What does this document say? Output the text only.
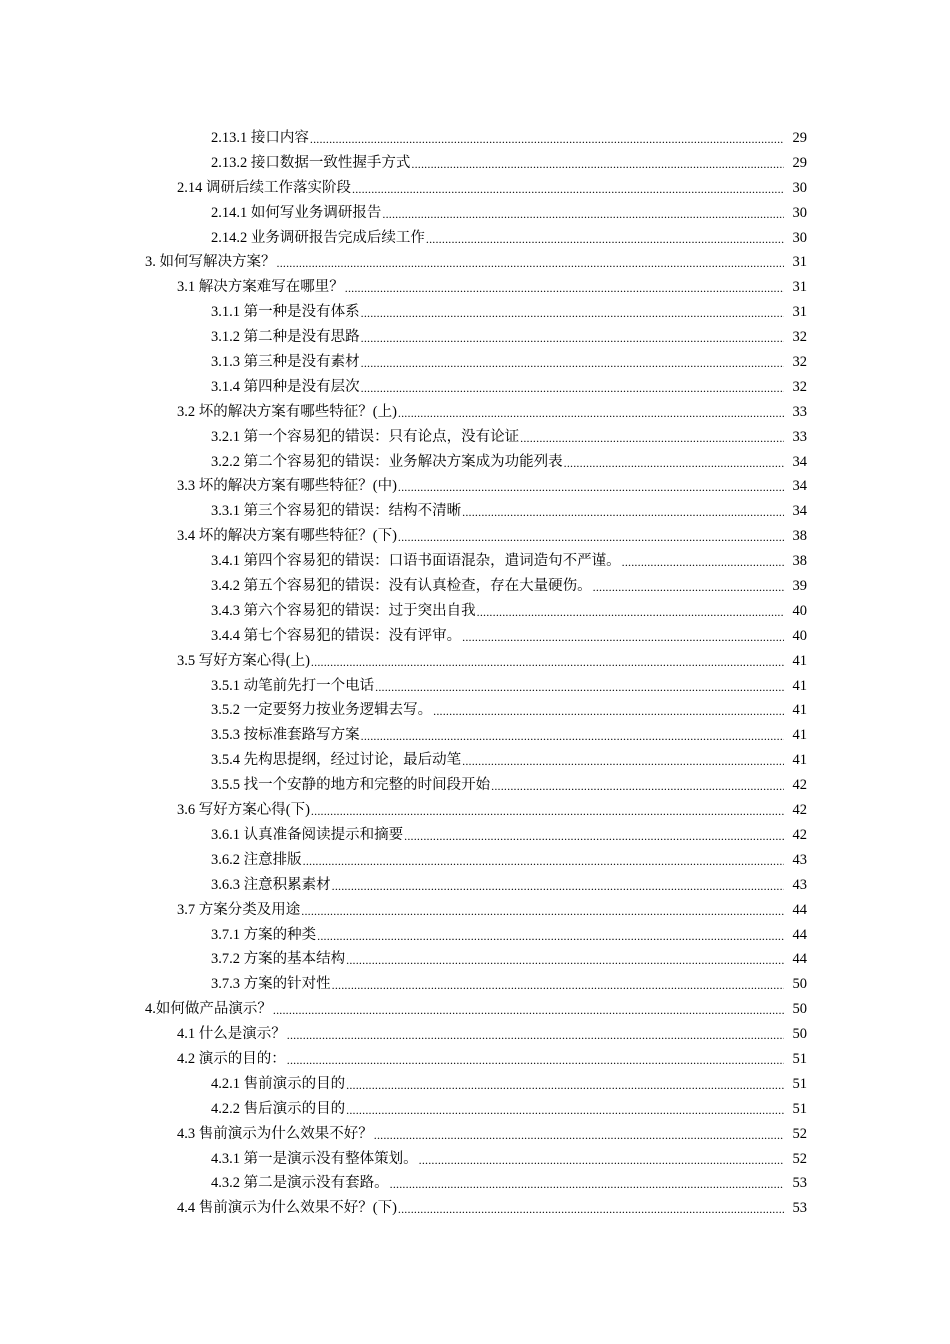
2.13.1 接口内容 .....	29
2.13.2 接口数据一致性握手方式 .....	29
2.14 调研后续工作落实阶段 .....	30
2.14.1 如何写业务调研报告 .....	30
2.14.2 业务调研报告完成后续工作 .....	30
3. 如何写解决方案？ .....	31
3.1 解决方案难写在哪里？ .....	31
3.1.1 第一种是没有体系 .....	31
3.1.2 第二种是没有思路 .....	32
3.1.3 第三种是没有素材 .....	32
3.1.4 第四种是没有层次 .....	32
3.2 坏的解决方案有哪些特征？(上) .....	33
3.2.1 第一个容易犯的错误：只有论点，没有论证 .....	33
3.2.2 第二个容易犯的错误：业务解决方案成为功能列表 .....	34
3.3 坏的解决方案有哪些特征？(中) .....	34
3.3.1 第三个容易犯的错误：结构不清晰 .....	34
3.4 坏的解决方案有哪些特征？(下) .....	38
3.4.1 第四个容易犯的错误：口语书面语混杂，遣词造句不严谨。 .....	38
3.4.2 第五个容易犯的错误：没有认真检查，存在大量硬伤。 .....	39
3.4.3 第六个容易犯的错误：过于突出自我 .....	40
3.4.4 第七个容易犯的错误：没有评审。 .....	40
3.5 写好方案心得(上) .....	41
3.5.1 动笔前先打一个电话 .....	41
3.5.2 一定要努力按业务逻辑去写。 .....	41
3.5.3 按标准套路写方案 .....	41
3.5.4 先构思提纲，经过讨论，最后动笔 .....	41
3.5.5 找一个安静的地方和完整的时间段开始 .....	42
3.6 写好方案心得(下) .....	42
3.6.1 认真准备阅读提示和摘要 .....	42
3.6.2 注意排版 .....	43
3.6.3 注意积累素材 .....	43
3.7 方案分类及用途 .....	44
3.7.1 方案的种类 .....	44
3.7.2 方案的基本结构 .....	44
3.7.3 方案的针对性 .....	50
4.如何做产品演示？ .....	50
4.1 什么是演示？ .....	50
4.2 演示的目的： .....	51
4.2.1 售前演示的目的 .....	51
4.2.2 售后演示的目的 .....	51
4.3 售前演示为什么效果不好？ .....	52
4.3.1 第一是演示没有整体策划。 .....	52
4.3.2 第二是演示没有套路。 .....	53
4.4 售前演示为什么效果不好？(下) .....	53
